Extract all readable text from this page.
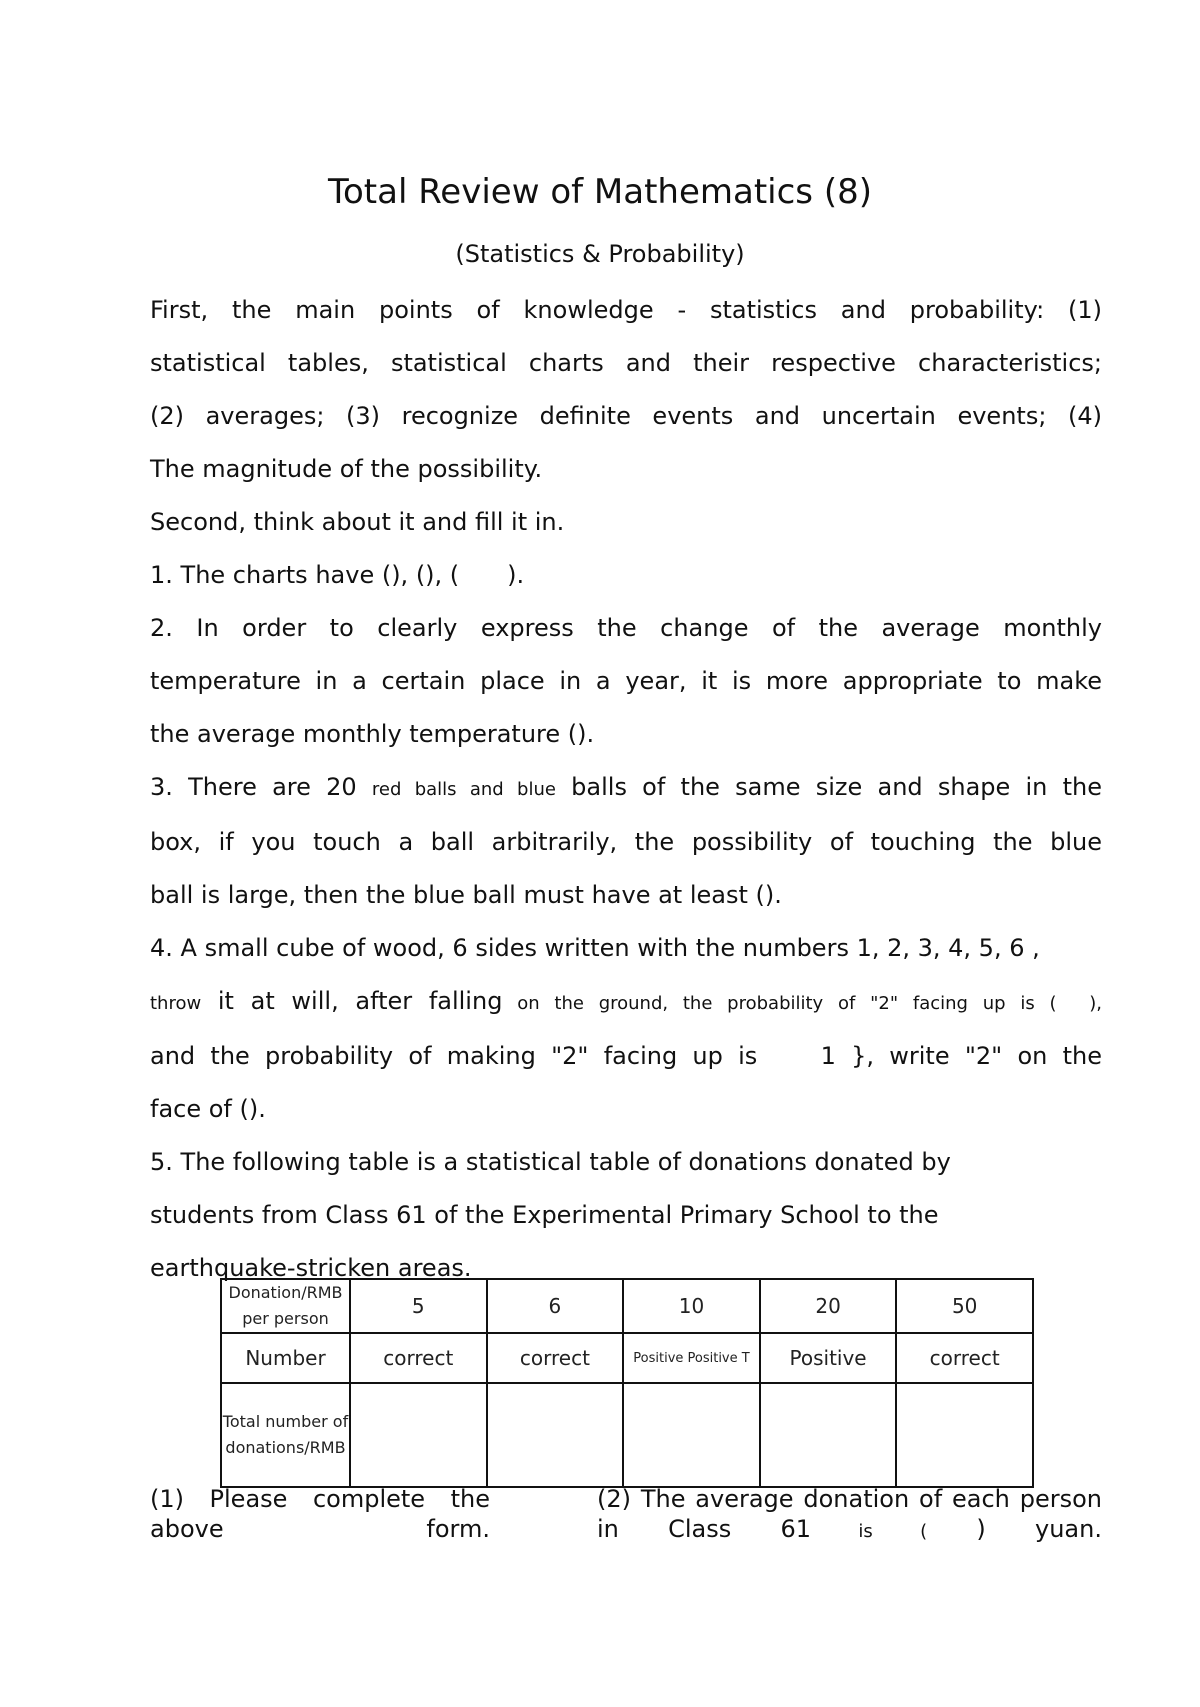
Total Review of Mathematics (8)
(Statistics & Probability)

First, the main points of knowledge - statistics and probability: (1)

statistical tables, statistical charts and their respective characteristics;

(2) averages; (3) recognize definite events and uncertain events; (4)

The magnitude of the possibility.

Second, think about it and fill it in.

1. The charts have (), (), (  ).

2. In order to clearly express the change of the average monthly

temperature in a certain place in a year, it is more appropriate to make

the average monthly temperature ().

3. There are 20 red balls and blue balls of the same size and shape in the

box, if you touch a ball arbitrarily, the possibility of touching the blue

ball is large, then the blue ball must have at least ().

4. A small cube of wood, 6 sides written with the numbers 1, 2, 3, 4, 5, 6 ,

throw it at will, after falling on the ground, the probability of "2" facing up is (  ),

and the probability of making "2" facing up is   1 }, write "2" on the

face of ().

5. The following table is a statistical table of donations donated by

students from Class 61 of the Experimental Primary School to the

earthquake-stricken areas.

Donation/RMB per person	5	6	10	20	50
Number	correct	correct	Positive Positive T	Positive	correct
Total number of donations/RMB					
(1) Please complete the above form.
(2) The average donation of each person in Class 61 is ( ) yuan.
